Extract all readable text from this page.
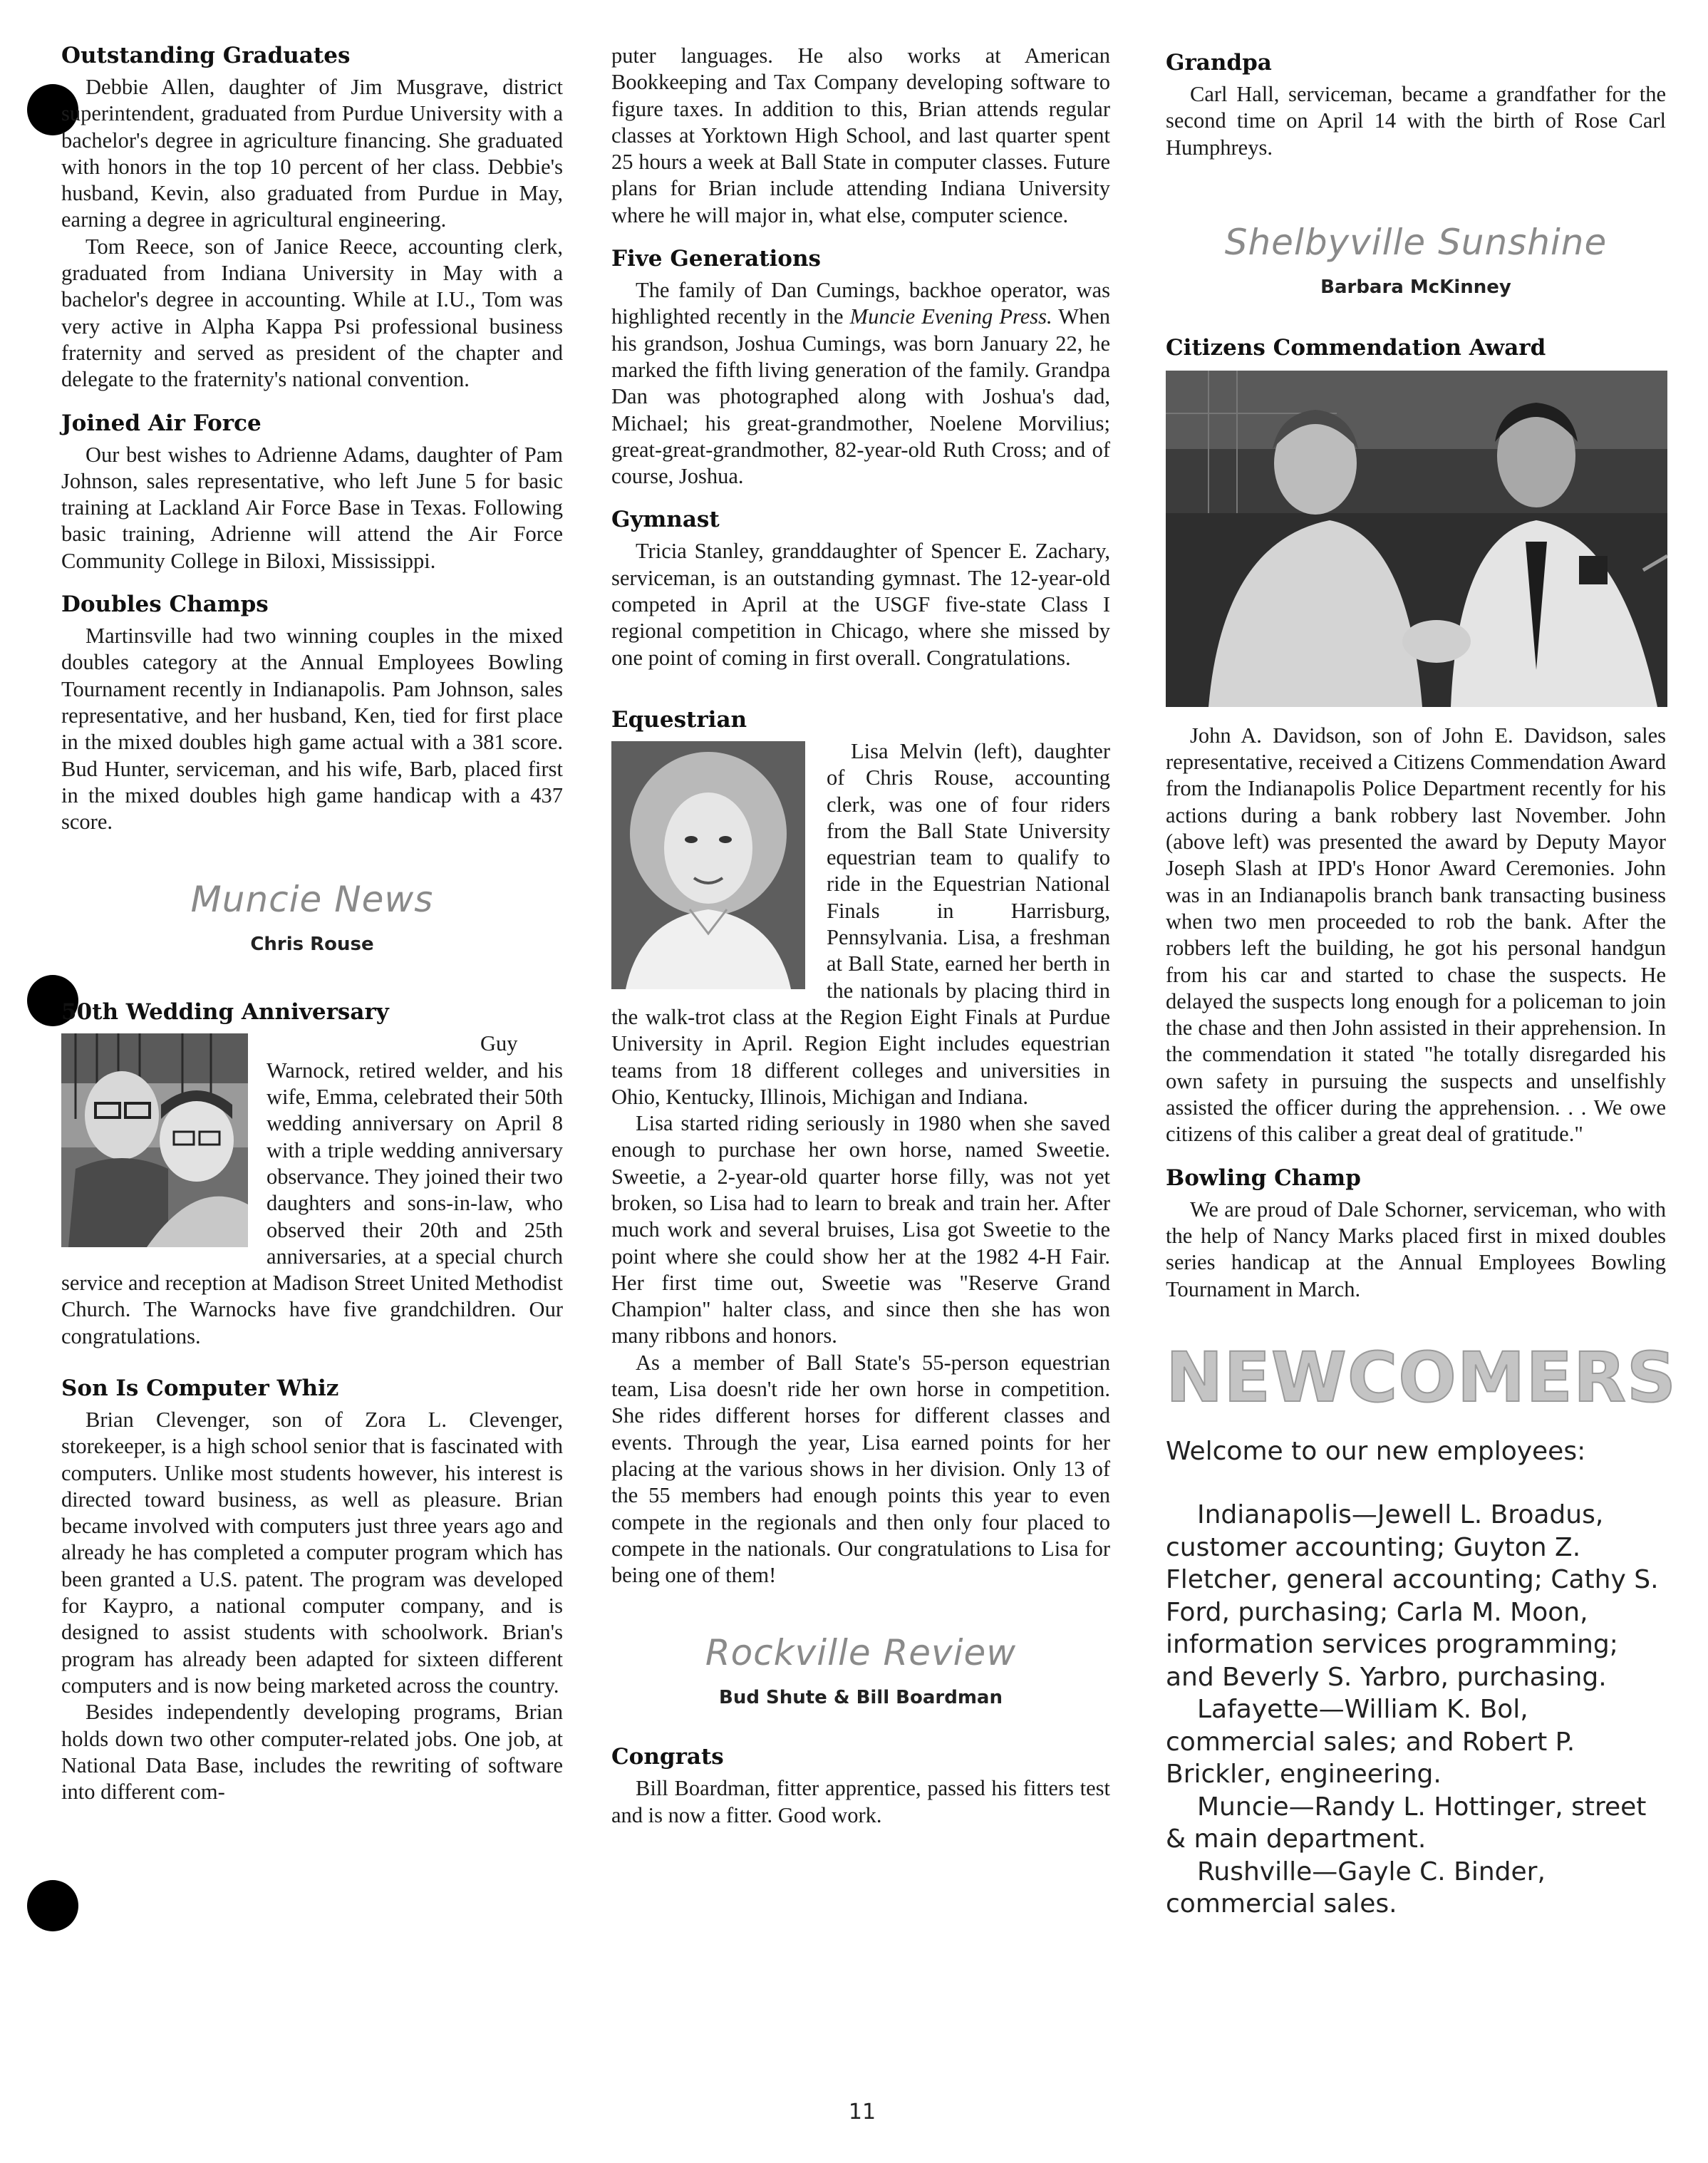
Outstanding Graduates

Debbie Allen, daughter of Jim Musgrave, district superintendent, graduated from Purdue University with a bachelor's degree in agriculture financing. She graduated with honors in the top 10 percent of her class. Debbie's husband, Kevin, also graduated from Purdue in May, earning a degree in agricultural engineering.

Tom Reece, son of Janice Reece, accounting clerk, graduated from Indiana University in May with a bachelor's degree in accounting. While at I.U., Tom was very active in Alpha Kappa Psi professional business fraternity and served as president of the chapter and delegate to the fraternity's national convention.

Joined Air Force

Our best wishes to Adrienne Adams, daughter of Pam Johnson, sales representative, who left June 5 for basic training at Lackland Air Force Base in Texas. Following basic training, Adrienne will attend the Air Force Community College in Biloxi, Mississippi.

Doubles Champs

Martinsville had two winning couples in the mixed doubles category at the Annual Employees Bowling Tournament recently in Indianapolis. Pam Johnson, sales representative, and her husband, Ken, tied for first place in the mixed doubles high game actual with a 381 score. Bud Hunter, serviceman, and his wife, Barb, placed first in the mixed doubles high game handicap with a 437 score.

Muncie News

Chris Rouse

50th Wedding Anniversary

Guy Warnock, retired welder, and his wife, Emma, celebrated their 50th wedding anniversary on April 8 with a triple wedding anniversary observance. They joined their two daughters and sons-in-law, who observed their 20th and 25th anniversaries, at a special church service and reception at Madison Street United Methodist Church. The Warnocks have five grandchildren. Our congratulations.

Son Is Computer Whiz

Brian Clevenger, son of Zora L. Clevenger, storekeeper, is a high school senior that is fascinated with computers. Unlike most students however, his interest is directed toward business, as well as pleasure. Brian became involved with computers just three years ago and already he has completed a computer program which has been granted a U.S. patent. The program was developed for Kaypro, a national computer company, and is designed to assist students with schoolwork. Brian's program has already been adapted for sixteen different computers and is now being marketed across the country.

Besides independently developing programs, Brian holds down two other computer-related jobs. One job, at National Data Base, includes the rewriting of software into different com-

puter languages. He also works at American Bookkeeping and Tax Company developing software to figure taxes. In addition to this, Brian attends regular classes at Yorktown High School, and last quarter spent 25 hours a week at Ball State in computer classes. Future plans for Brian include attending Indiana University where he will major in, what else, computer science.

Five Generations

The family of Dan Cumings, backhoe operator, was highlighted recently in the Muncie Evening Press. When his grandson, Joshua Cumings, was born January 22, he marked the fifth living generation of the family. Grandpa Dan was photographed along with Joshua's dad, Michael; his great-grandmother, Noelene Morvilius; great-great-grandmother, 82-year-old Ruth Cross; and of course, Joshua.

Gymnast

Tricia Stanley, granddaughter of Spencer E. Zachary, serviceman, is an outstanding gymnast. The 12-year-old competed in April at the USGF five-state Class I regional competition in Chicago, where she missed by one point of coming in first overall. Congratulations.

Equestrian

Lisa Melvin (left), daughter of Chris Rouse, accounting clerk, was one of four riders from the Ball State University equestrian team to qualify to ride in the Equestrian National Finals in Harrisburg, Pennsylvania. Lisa, a freshman at Ball State, earned her berth in the nationals by placing third in the walk-trot class at the Region Eight Finals at Purdue University in April. Region Eight includes equestrian teams from 18 different colleges and universities in Ohio, Kentucky, Illinois, Michigan and Indiana.

Lisa started riding seriously in 1980 when she saved enough to purchase her own horse, named Sweetie. Sweetie, a 2-year-old quarter horse filly, was not yet broken, so Lisa had to learn to break and train her. After much work and several bruises, Lisa got Sweetie to the point where she could show her at the 1982 4-H Fair. Her first time out, Sweetie was "Reserve Grand Champion" halter class, and since then she has won many ribbons and honors.

As a member of Ball State's 55-person equestrian team, Lisa doesn't ride her own horse in competition. She rides different horses for different classes and events. Through the year, Lisa earned points for her placing at the various shows in her division. Only 13 of the 55 members had enough points this year to even compete in the regionals and then only four placed to compete in the nationals. Our congratulations to Lisa for being one of them!

Rockville Review

Bud Shute & Bill Boardman

Congrats

Bill Boardman, fitter apprentice, passed his fitters test and is now a fitter. Good work.

Grandpa

Carl Hall, serviceman, became a grandfather for the second time on April 14 with the birth of Rose Carl Humphreys.

Shelbyville Sunshine

Barbara McKinney

Citizens Commendation Award

John A. Davidson, son of John E. Davidson, sales representative, received a Citizens Commendation Award from the Indianapolis Police Department recently for his actions during a bank robbery last November. John (above left) was presented the award by Deputy Mayor Joseph Slash at IPD's Honor Award Ceremonies. John was in an Indianapolis branch bank transacting business when two men proceeded to rob the bank. After the robbers left the building, he got his personal handgun from his car and started to chase the suspects. He delayed the suspects long enough for a policeman to join the chase and then John assisted in their apprehension. In the commendation it stated "he totally disregarded his own safety in pursuing the suspects and unselfishly assisted the officer during the apprehension. . . We owe citizens of this caliber a great deal of gratitude."

Bowling Champ

We are proud of Dale Schorner, serviceman, who with the help of Nancy Marks placed first in mixed doubles series handicap at the Annual Employees Bowling Tournament in March.

NEWCOMERS

Welcome to our new employees:

Indianapolis—Jewell L. Broadus, customer accounting; Guyton Z. Fletcher, general accounting; Cathy S. Ford, purchasing; Carla M. Moon, information services programming; and Beverly S. Yarbro, purchasing.

Lafayette—William K. Bol, commercial sales; and Robert P. Brickler, engineering.

Muncie—Randy L. Hottinger, street & main department.

Rushville—Gayle C. Binder, commercial sales.

11
